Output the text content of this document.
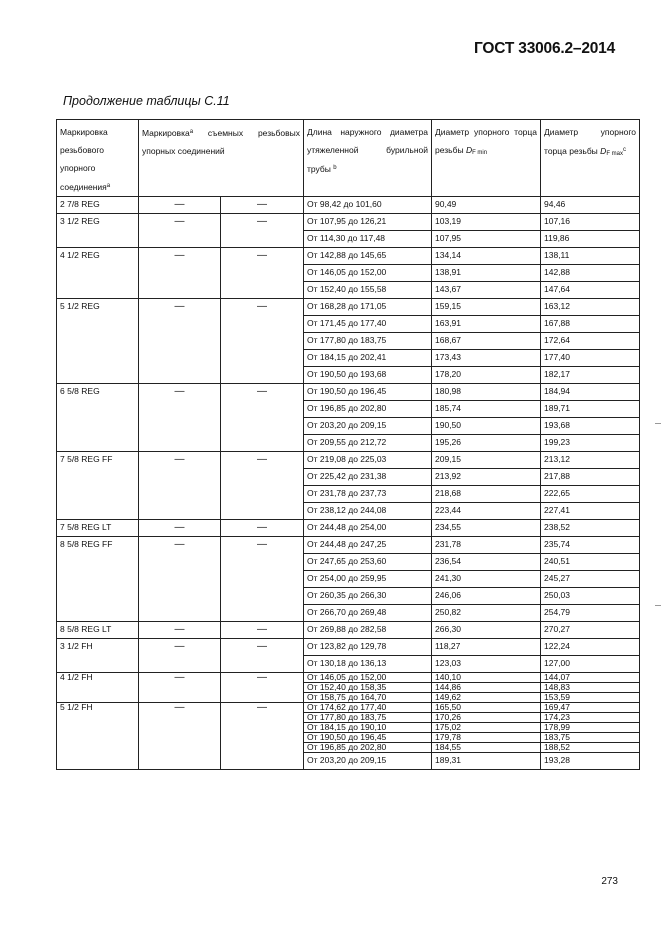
ГОСТ 33006.2–2014
Продолжение таблицы С.11
Маркировка резьбового упорного соединения$^a$	Маркировка$^a$ съемных резьбовых упорных соединений		Длина наружного диаметра утяжеленной бурильной трубы $^b$	Диаметр упорного торца резьбы $D_{F min}$	Диаметр упорного торца резьбы $D_{F max}^c$
2 7/8 REG	—	—	От 98,42 до 101,60	90,49	94,46
3 1/2 REG	—	—	От 107,95 до 126,21	103,19	107,16
			От 114,30 до 117,48	107,95	119,86
4 1/2 REG	—	—	От 142,88 до 145,65	134,14	138,11
			От 146,05 до 152,00	138,91	142,88
			От 152,40 до 155,58	143,67	147,64
5 1/2 REG	—	—	От 168,28 до 171,05	159,15	163,12
			От 171,45 до 177,40	163,91	167,88
			От 177,80 до 183,75	168,67	172,64
			От 184,15 до 202,41	173,43	177,40
			От 190,50 до 193,68	178,20	182,17
6 5/8 REG	—	—	От 190,50 до 196,45	180,98	184,94
			От 196,85 до 202,80	185,74	189,71
			От 203,20 до 209,15	190,50	193,68
			От 209,55 до 212,72	195,26	199,23
7 5/8 REG FF	—	—	От 219,08 до 225,03	209,15	213,12
			От 225,42 до 231,38	213,92	217,88
			От 231,78 до 237,73	218,68	222,65
			От 238,12 до 244,08	223,44	227,41
7 5/8 REG LT	—	—	От 244,48 до 254,00	234,55	238,52
8 5/8 REG FF	—	—	От 244,48 до 247,25	231,78	235,74
			От 247,65 до 253,60	236,54	240,51
			От 254,00 до 259,95	241,30	245,27
			От 260,35 до 266,30	246,06	250,03
			От 266,70 до 269,48	250,82	254,79
8 5/8 REG LT	—	—	От 269,88 до 282,58	266,30	270,27
3 1/2 FH	—	—	От 123,82 до 129,78	118,27	122,24
			От 130,18 до 136,13	123,03	127,00
4 1/2 FH	—	—	От 146,05 до 152,00	140,10	144,07
			От 152,40 до 158,35	144,86	148,83
			От 158,75 до 164,70	149,62	153,59
5 1/2 FH	—	—	От 174,62 до 177,40	165,50	169,47
			От 177,80 до 183,75	170,26	174,23
			От 184,15 до 190,10	175,02	178,99
			От 190,50 до 196,45	179,78	183,75
			От 196,85 до 202,80	184,55	188,52
			От 203,20 до 209,15	189,31	193,28
273
